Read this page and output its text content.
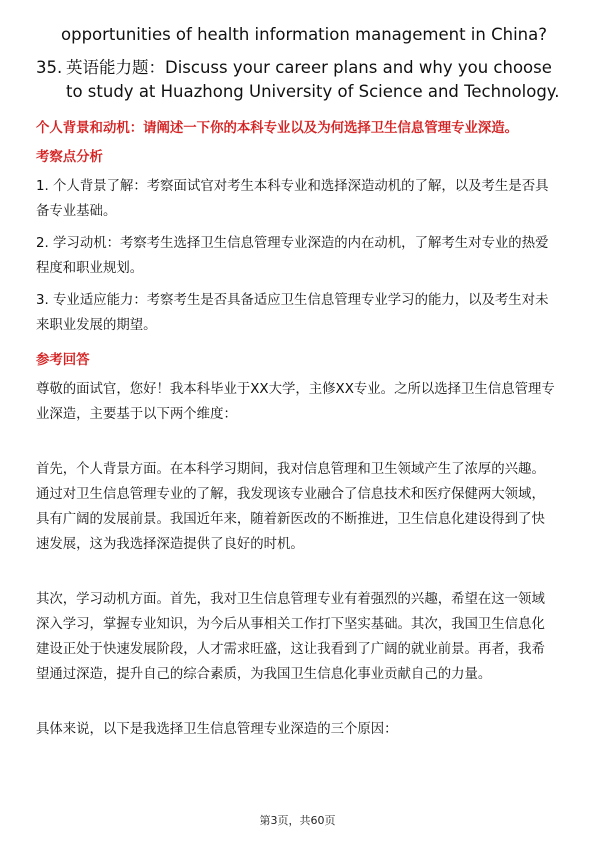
opportunities of health information management in China?
35. 英语能力题：Discuss your career plans and why you choose to study at Huazhong University of Science and Technology.

个人背景和动机：请阐述一下你的本科专业以及为何选择卫生信息管理专业深造。

考察点分析

1. 个人背景了解：考察面试官对考生本科专业和选择深造动机的了解，以及考生是否具备专业基础。

2. 学习动机：考察考生选择卫生信息管理专业深造的内在动机，了解考生对专业的热爱程度和职业规划。

3. 专业适应能力：考察考生是否具备适应卫生信息管理专业学习的能力，以及考生对未来职业发展的期望。

参考回答

尊敬的面试官，您好！我本科毕业于XX大学，主修XX专业。之所以选择卫生信息管理专业深造，主要基于以下两个维度：

首先，个人背景方面。在本科学习期间，我对信息管理和卫生领域产生了浓厚的兴趣。通过对卫生信息管理专业的了解，我发现该专业融合了信息技术和医疗保健两大领域，具有广阔的发展前景。我国近年来，随着新医改的不断推进，卫生信息化建设得到了快速发展，这为我选择深造提供了良好的时机。

其次，学习动机方面。首先，我对卫生信息管理专业有着强烈的兴趣，希望在这一领域深入学习，掌握专业知识，为今后从事相关工作打下坚实基础。其次，我国卫生信息化建设正处于快速发展阶段，人才需求旺盛，这让我看到了广阔的就业前景。再者，我希望通过深造，提升自己的综合素质，为我国卫生信息化事业贡献自己的力量。

具体来说，以下是我选择卫生信息管理专业深造的三个原因：

第3页，共60页
